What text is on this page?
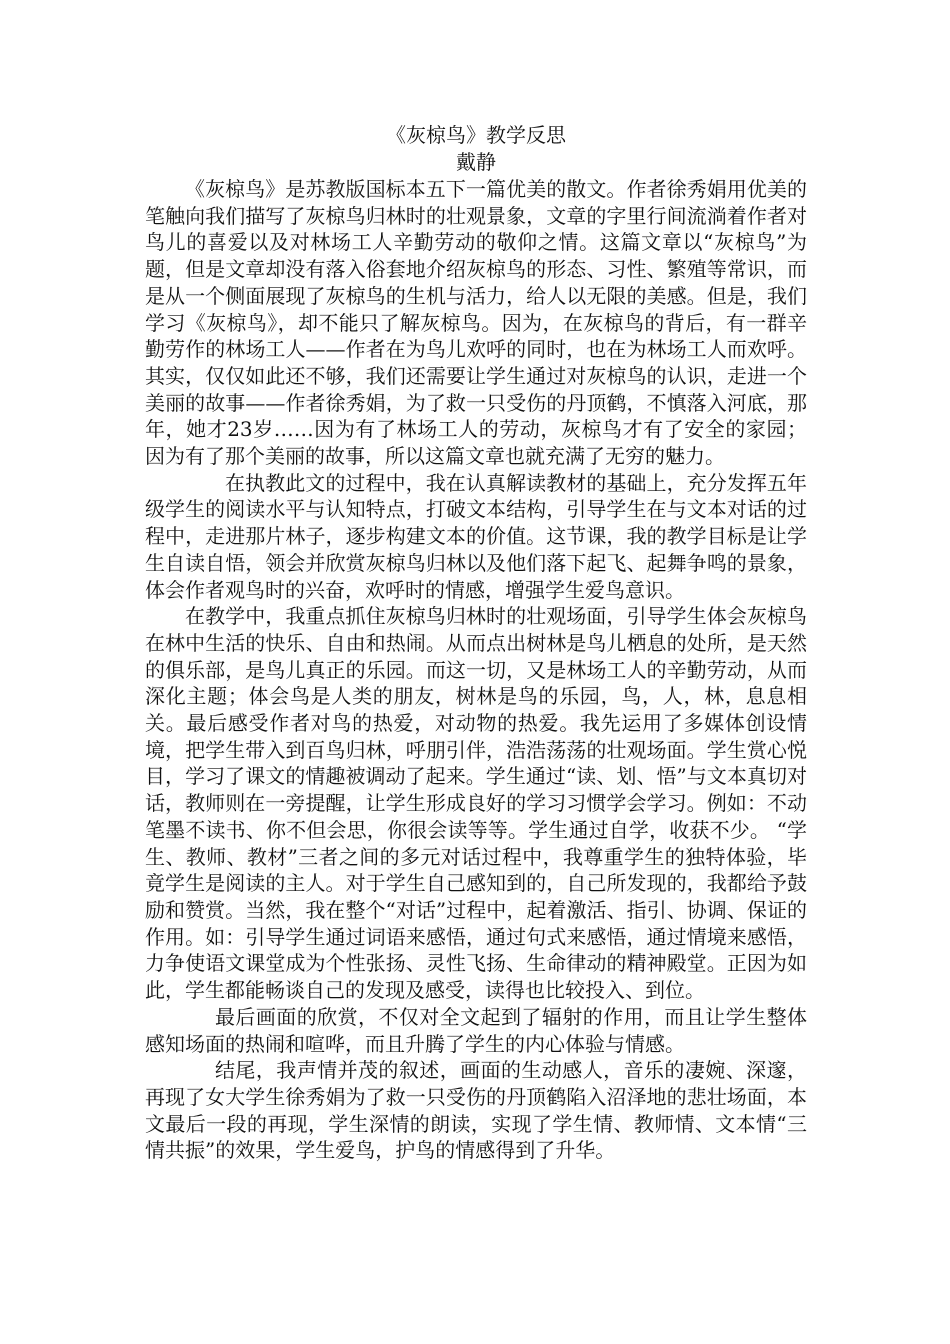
《灰椋鸟》教学反思
戴静

《灰椋鸟》是苏教版国标本五下一篇优美的散文。作者徐秀娟用优美的笔触向我们描写了灰椋鸟归林时的壮观景象，文章的字里行间流淌着作者对鸟儿的喜爱以及对林场工人辛勤劳动的敬仰之情。这篇文章以“灰椋鸟”为题，但是文章却没有落入俗套地介绍灰椋鸟的形态、习性、繁殖等常识，而是从一个侧面展现了灰椋鸟的生机与活力，给人以无限的美感。但是，我们学习《灰椋鸟》，却不能只了解灰椋鸟。因为，在灰椋鸟的背后，有一群辛勤劳作的林场工人——作者在为鸟儿欢呼的同时，也在为林场工人而欢呼。其实，仅仅如此还不够，我们还需要让学生通过对灰椋鸟的认识，走进一个美丽的故事——作者徐秀娟，为了救一只受伤的丹顶鹤，不慎落入河底，那年，她才23岁……因为有了林场工人的劳动，灰椋鸟才有了安全的家园；因为有了那个美丽的故事，所以这篇文章也就充满了无穷的魅力。

在执教此文的过程中，我在认真解读教材的基础上，充分发挥五年级学生的阅读水平与认知特点，打破文本结构，引导学生在与文本对话的过程中，走进那片林子，逐步构建文本的价值。这节课，我的教学目标是让学生自读自悟，领会并欣赏灰椋鸟归林以及他们落下起飞、起舞争鸣的景象，体会作者观鸟时的兴奋，欢呼时的情感，增强学生爱鸟意识。

在教学中，我重点抓住灰椋鸟归林时的壮观场面，引导学生体会灰椋鸟在林中生活的快乐、自由和热闹。从而点出树林是鸟儿栖息的处所，是天然的俱乐部，是鸟儿真正的乐园。而这一切，又是林场工人的辛勤劳动，从而深化主题；体会鸟是人类的朋友，树林是鸟的乐园，鸟，人，林，息息相关。最后感受作者对鸟的热爱，对动物的热爱。我先运用了多媒体创设情境，把学生带入到百鸟归林，呼朋引伴，浩浩荡荡的壮观场面。学生赏心悦目，学习了课文的情趣被调动了起来。学生通过“读、划、悟”与文本真切对话，教师则在一旁提醒，让学生形成良好的学习习惯学会学习。例如：不动笔墨不读书、你不但会思，你很会读等等。学生通过自学，收获不少。 “学生、教师、教材”三者之间的多元对话过程中，我尊重学生的独特体验，毕竟学生是阅读的主人。对于学生自己感知到的，自己所发现的，我都给予鼓励和赞赏。当然，我在整个“对话”过程中，起着激活、指引、协调、保证的作用。如：引导学生通过词语来感悟，通过句式来感悟，通过情境来感悟，力争使语文课堂成为个性张扬、灵性飞扬、生命律动的精神殿堂。正因为如此，学生都能畅谈自己的发现及感受，读得也比较投入、到位。

最后画面的欣赏，不仅对全文起到了辐射的作用，而且让学生整体感知场面的热闹和喧哗，而且升腾了学生的内心体验与情感。

结尾，我声情并茂的叙述，画面的生动感人，音乐的凄婉、深邃，再现了女大学生徐秀娟为了救一只受伤的丹顶鹤陷入沼泽地的悲壮场面，本文最后一段的再现，学生深情的朗读，实现了学生情、教师情、文本情“三情共振”的效果，学生爱鸟，护鸟的情感得到了升华。
